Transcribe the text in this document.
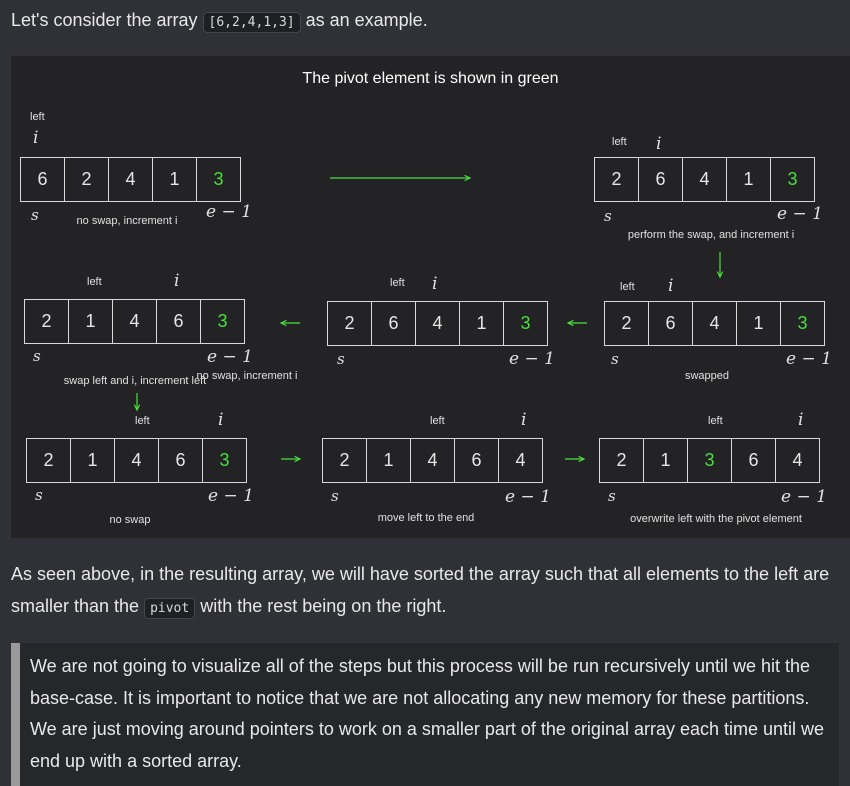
Let's consider the array [6,2,4,1,3] as an example.

The pivot element is shown in green
6	2	4	1	3	2	6	4	1	3
2	1	4	6	3	2	6	4	1	3	2	6	4	1	3
2	1	4	6	3	2	1	4	6	4	2	1	3	6	4
left
left
left	left	left
left	left	left
i	i
i	i	i
i	i	i
s	s
s	s	s
s	s	s
e − 1	e − 1
e − 1	e − 1	e − 1
e − 1	e − 1	e − 1
no swap, increment i
perform the swap, and increment i
no swap, increment i
swap left and i, increment left	swapped
no swap	move left to the end	overwrite left with the pivot element

As seen above, in the resulting array, we will have sorted the array such that all elements to the left are smaller than the pivot with the rest being on the right.

We are not going to visualize all of the steps but this process will be run recursively until we hit the base-case. It is important to notice that we are not allocating any new memory for these partitions. We are just moving around pointers to work on a smaller part of the original array each time until we end up with a sorted array.
